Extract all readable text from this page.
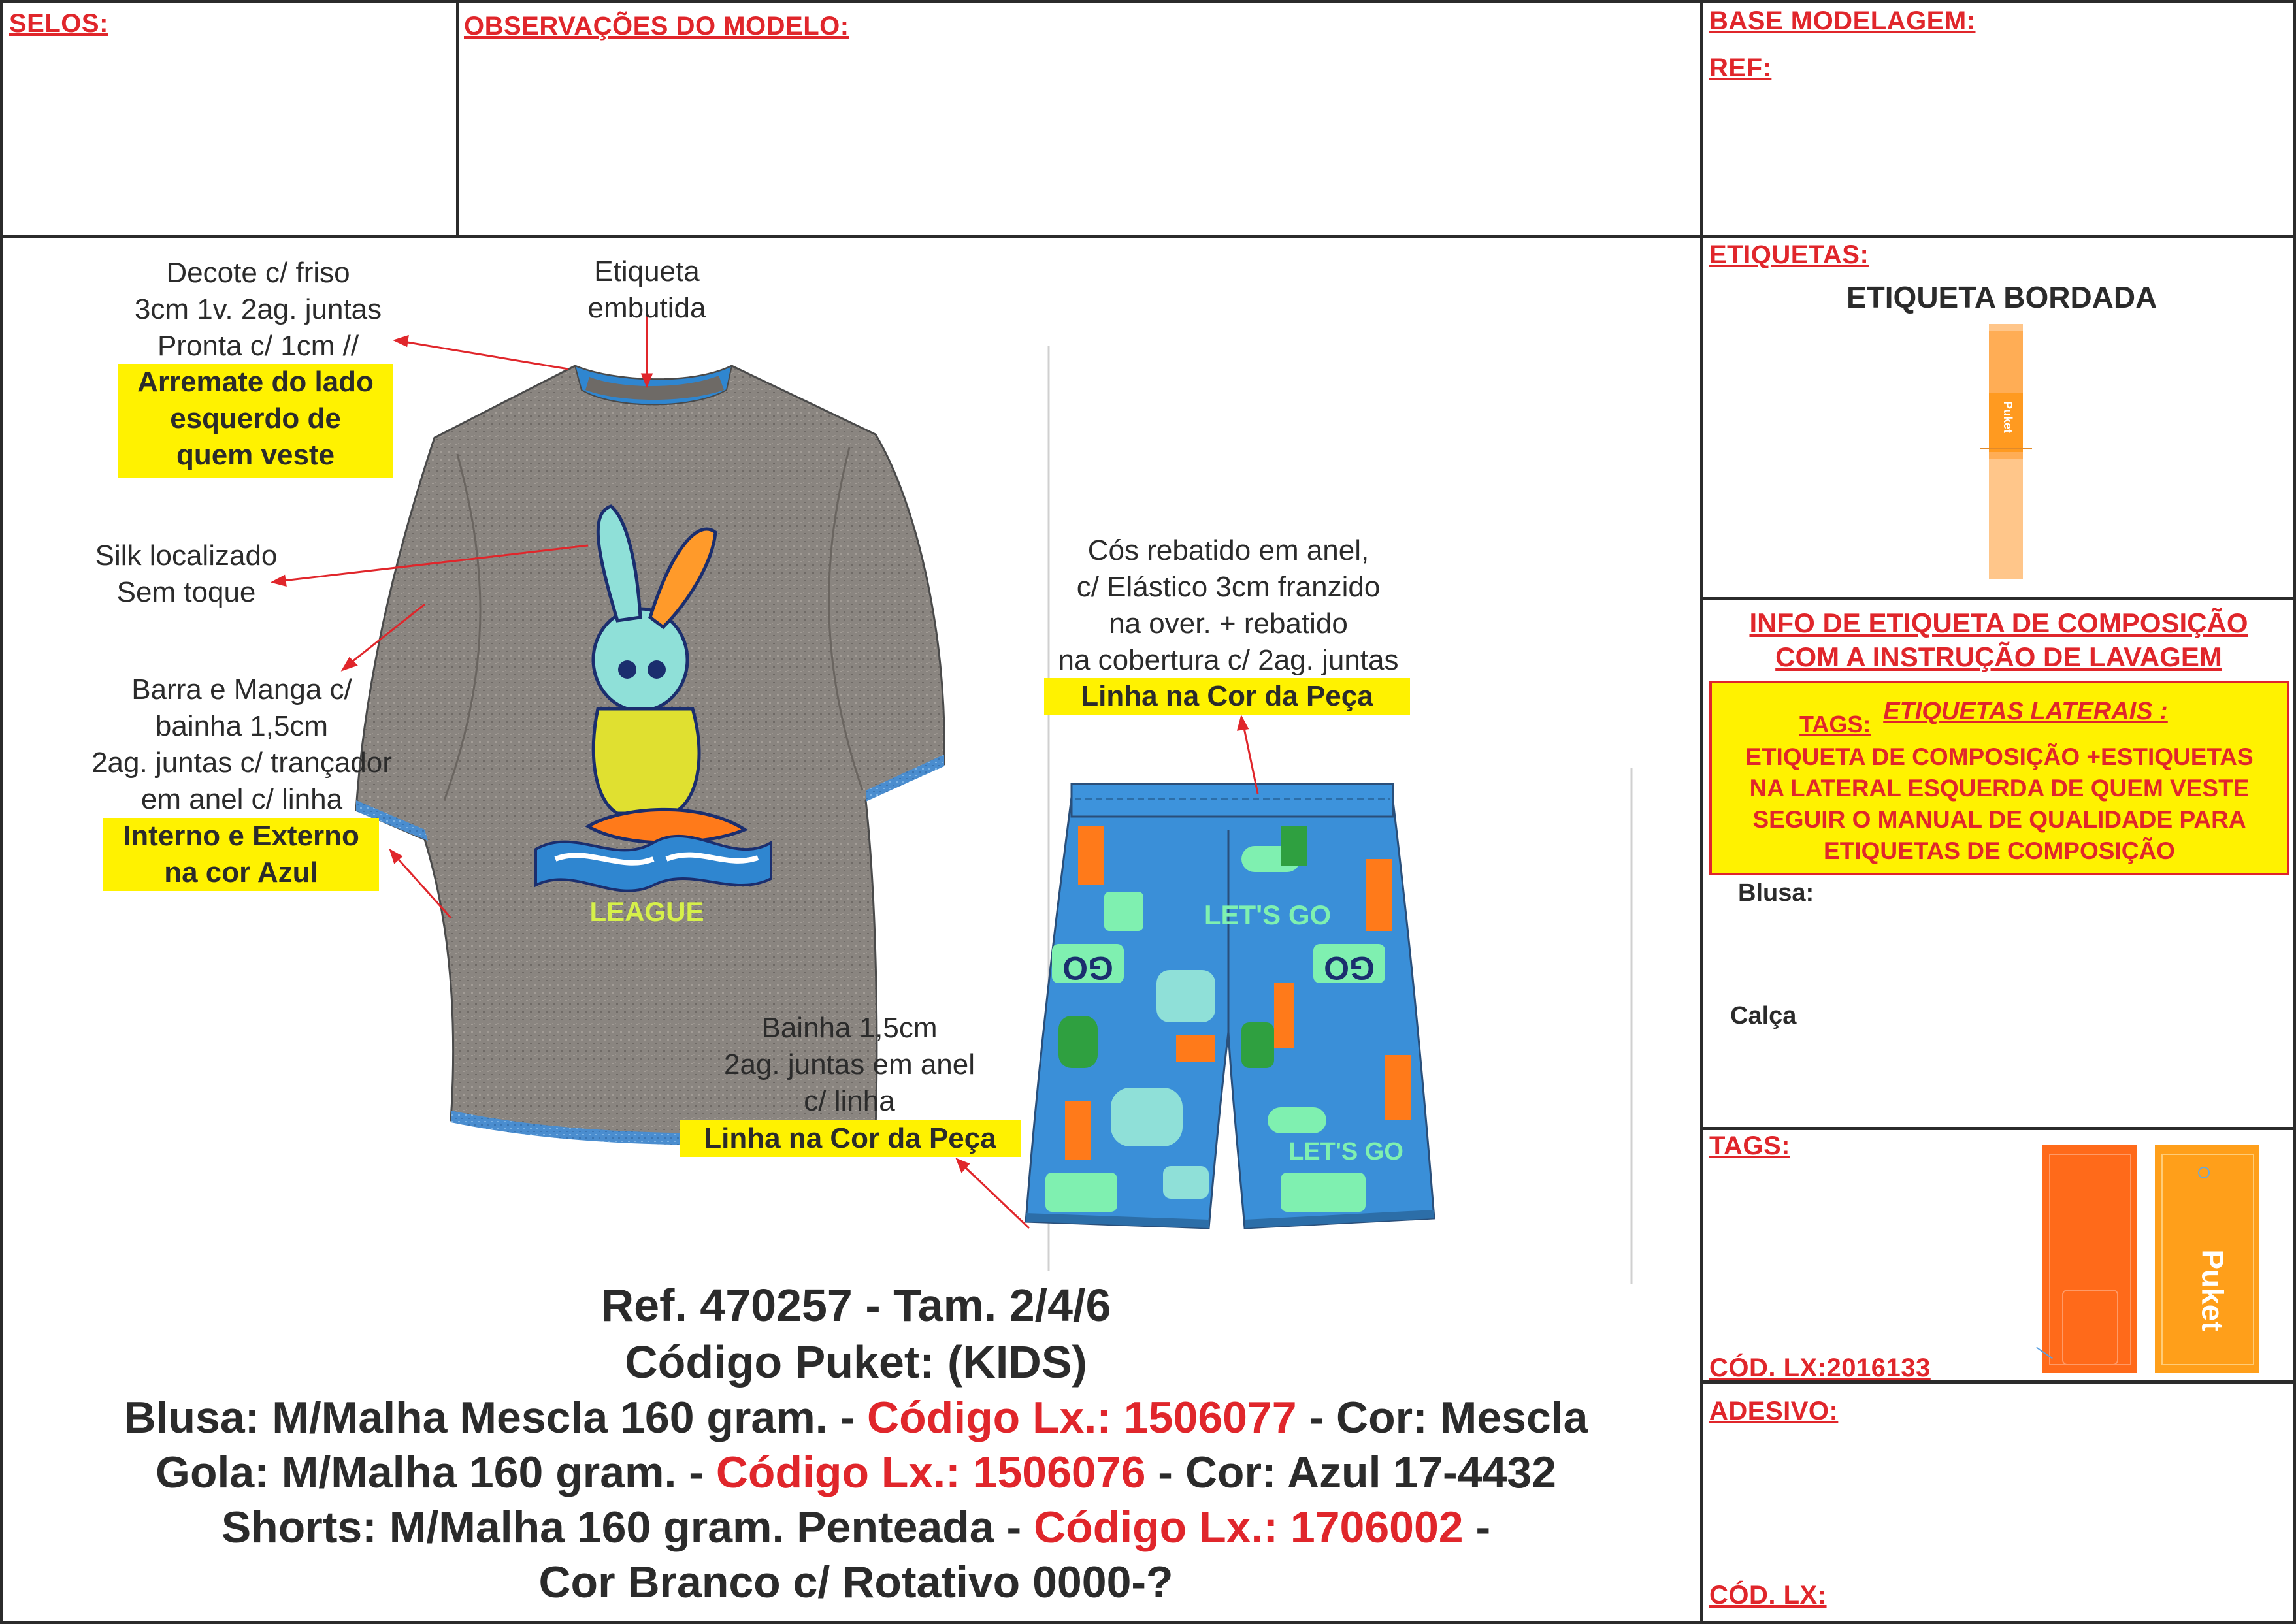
SELOS:	OBSERVAÇÕES DO MODELO:	BASE MODELAGEM:
REF:
ETIQUETAS:
ETIQUETA BORDADA
Puket
INFO DE ETIQUETA DE COMPOSIÇÃO
COM A INSTRUÇÃO DE LAVAGEM
TAGS: ETIQUETAS LATERAIS :
ETIQUETA DE COMPOSIÇÃO +ESTIQUETAS
NA LATERAL ESQUERDA DE QUEM VESTE
SEGUIR O MANUAL DE QUALIDADE PARA
ETIQUETAS DE COMPOSIÇÃO
Blusa:
Calça
TAGS:
Puket
CÓD. LX:2016133
ADESIVO:
CÓD. LX:
LEAGUE	LET'S GO
GO	GO
LET'S GO
Decote c/ friso
3cm 1v. 2ag. juntas
Pronta c/ 1cm //
Arremate do lado
esquerdo de
quem veste
Etiqueta
embutida
Silk localizado
Sem toque
Barra e Manga c/
bainha 1,5cm
2ag. juntas c/ trançador
em anel c/ linha
Interno e Externo
na cor Azul
Cós rebatido em anel,
c/ Elástico 3cm franzido
na over. + rebatido
na cobertura c/ 2ag. juntas
Linha na Cor da Peça
Bainha 1,5cm
2ag. juntas em anel
c/ linha
Linha na Cor da Peça
Ref. 470257 - Tam. 2/4/6
Código Puket: (KIDS)
Blusa: M/Malha Mescla 160 gram. - Código Lx.: 1506077 - Cor: Mescla
Gola: M/Malha 160 gram. - Código Lx.: 1506076 - Cor: Azul 17-4432
Shorts: M/Malha 160 gram. Penteada - Código Lx.: 1706002 -
Cor Branco c/ Rotativo 0000-?
